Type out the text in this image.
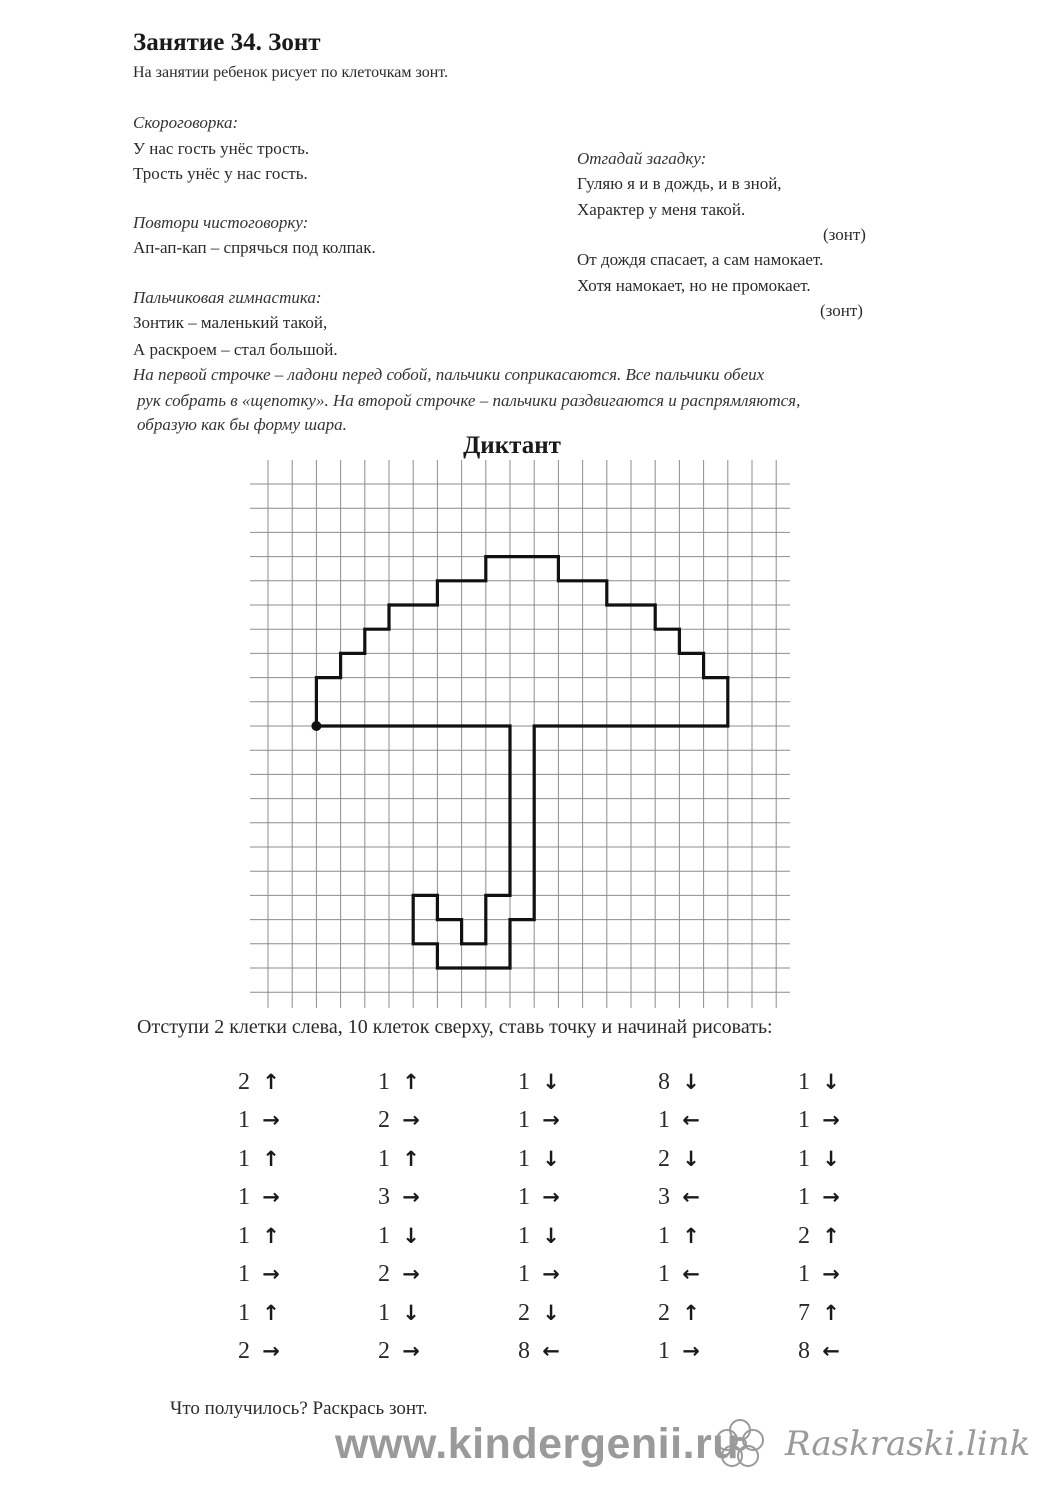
Занятие 34. Зонт
На занятии ребенок рисует по клеточкам зонт.
Скороговорка:
У нас гость унёс трость.
Трость унёс у нас гость.
Повтори чистоговорку:
Ап-ап-кап – спрячься под колпак.
Пальчиковая гимнастика:
Зонтик – маленький такой,
А раскроем – стал большой.
На первой строчке – ладони перед собой, пальчики соприкасаются. Все пальчики обеих
рук собрать в «щепотку». На второй строчке – пальчики раздвигаются и распрямляются,
образую как бы форму шара.
Отгадай загадку:
Гуляю я и в дождь, и в зной,
Характер у меня такой.
(зонт)
От дождя спасает, а сам намокает.
Хотя намокает, но не промокает.
(зонт)
Диктант
Отступи 2 клетки слева, 10 клеток сверху, ставь точку и начинай рисовать:
2 ↑	1 ↑	1 ↓	8 ↓	1 ↓
1 →	2 →	1 →	1 ←	1 →
1 ↑	1 ↑	1 ↓	2 ↓	1 ↓
1 →	3 →	1 →	3 ←	1 →
1 ↑	1 ↓	1 ↓	1 ↑	2 ↑
1 →	2 →	1 →	1 ←	1 →
1 ↑	1 ↓	2 ↓	2 ↑	7 ↑
2 →	2 →	8 ←	1 →	8 ←
Что получилось? Раскрась зонт.
www.kindergenii.ru Raskraski.link
